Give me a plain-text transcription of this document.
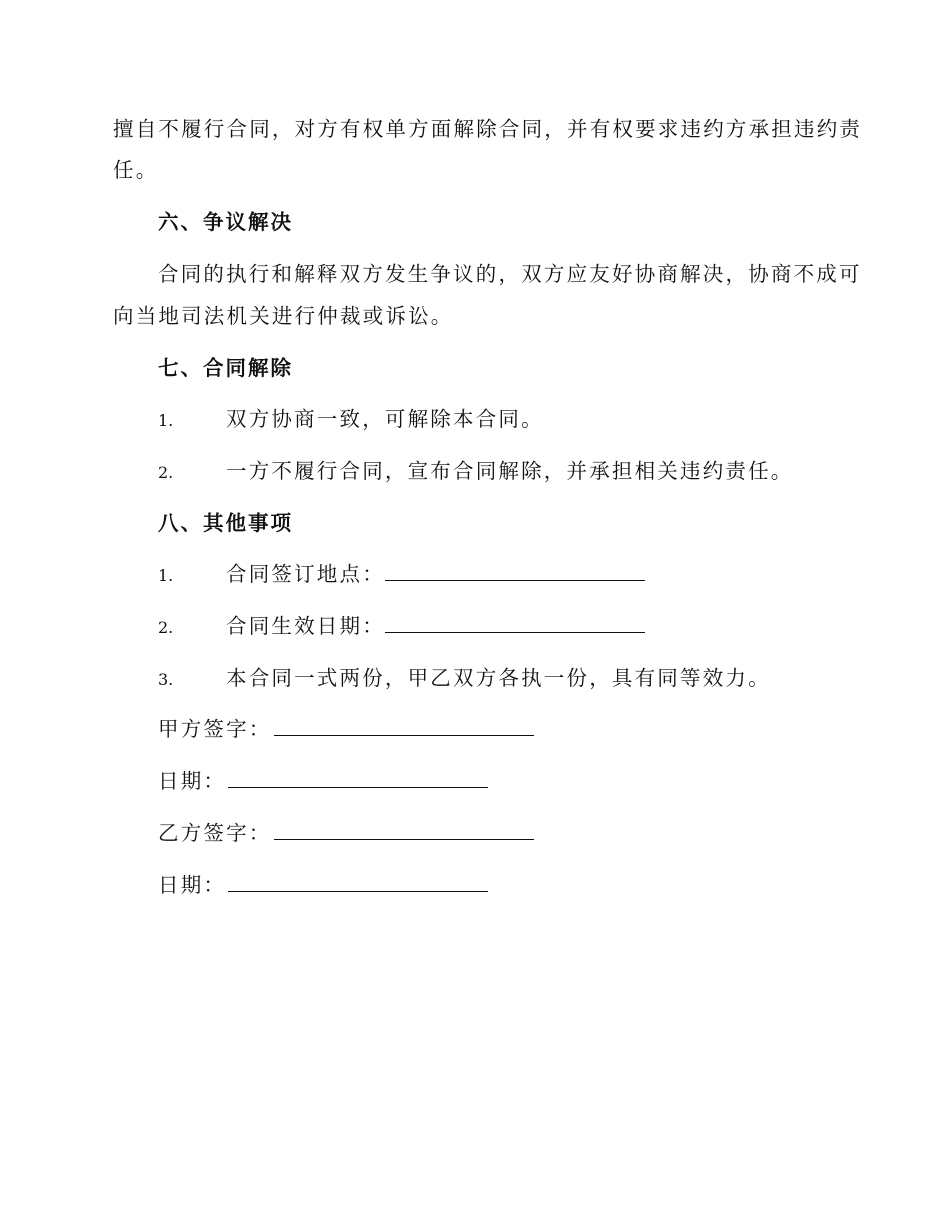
擅自不履行合同，对方有权单方面解除合同，并有权要求违约方承担违约责
任。
六、争议解决
合同的执行和解释双方发生争议的，双方应友好协商解决，协商不成可
向当地司法机关进行仲裁或诉讼。
七、合同解除
1.	双方协商一致，可解除本合同。
2.	一方不履行合同，宣布合同解除，并承担相关违约责任。
八、其他事项
1.	合同签订地点：
2.	合同生效日期：
3.	本合同一式两份，甲乙双方各执一份，具有同等效力。
甲方签字：
日期：
乙方签字：
日期：
